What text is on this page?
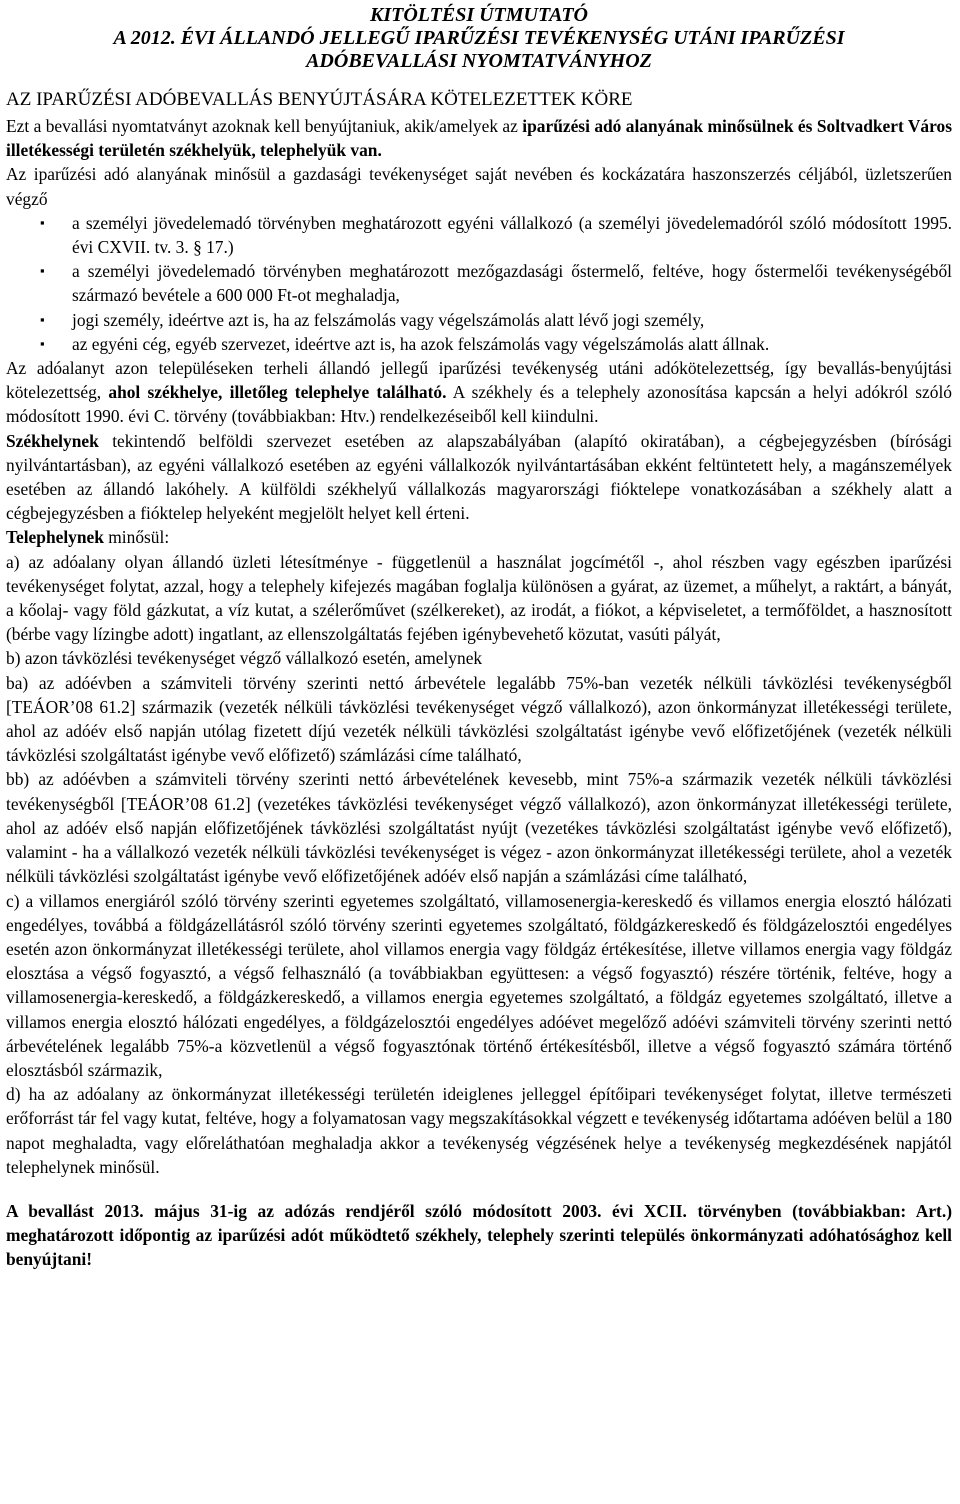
KITÖLTÉSI ÚTMUTATÓ
A 2012. ÉVI ÁLLANDÓ JELLEGŰ IPARŰZÉSI TEVÉKENYSÉG UTÁNI IPARŰZÉSI
ADÓBEVALLÁSI NYOMTATVÁNYHOZ
AZ IPARŰZÉSI ADÓBEVALLÁS BENYÚJTÁSÁRA KÖTELEZETTEK KÖRE

Ezt a bevallási nyomtatványt azoknak kell benyújtaniuk, akik/amelyek az iparűzési adó alanyának minősülnek és Soltvadkert Város illetékességi területén székhelyük, telephelyük van.

Az iparűzési adó alanyának minősül a gazdasági tevékenységet saját nevében és kockázatára haszonszerzés céljából, üzletszerűen végző

▪ a személyi jövedelemadó törvényben meghatározott egyéni vállalkozó (a személyi jövedelemadóról szóló módosított 1995. évi CXVII. tv. 3. § 17.)
▪ a személyi jövedelemadó törvényben meghatározott mezőgazdasági őstermelő, feltéve, hogy őstermelői tevékenységéből származó bevétele a 600 000 Ft-ot meghaladja,
▪ jogi személy, ideértve azt is, ha az felszámolás vagy végelszámolás alatt lévő jogi személy,
▪ az egyéni cég, egyéb szervezet, ideértve azt is, ha azok felszámolás vagy végelszámolás alatt állnak.

Az adóalanyt azon településeken terheli állandó jellegű iparűzési tevékenység utáni adókötelezettség, így bevallás-benyújtási kötelezettség, ahol székhelye, illetőleg telephelye található. A székhely és a telephely azonosítása kapcsán a helyi adókról szóló módosított 1990. évi C. törvény (továbbiakban: Htv.) rendelkezéseiből kell kiindulni.

Székhelynek tekintendő belföldi szervezet esetében az alapszabályában (alapító okiratában), a cégbejegyzésben (bírósági nyilvántartásban), az egyéni vállalkozó esetében az egyéni vállalkozók nyilvántartásában ekként feltüntetett hely, a magánszemélyek esetében az állandó lakóhely. A külföldi székhelyű vállalkozás magyarországi fióktelepe vonatkozásában a székhely alatt a cégbejegyzésben a fióktelep helyeként megjelölt helyet kell érteni.

Telephelynek minősül:

a) az adóalany olyan állandó üzleti létesítménye - függetlenül a használat jogcímétől -, ahol részben vagy egészben iparűzési tevékenységet folytat, azzal, hogy a telephely kifejezés magában foglalja különösen a gyárat, az üzemet, a műhelyt, a raktárt, a bányát, a kőolaj- vagy föld gázkutat, a víz kutat, a szélerőművet (szélkereket), az irodát, a fiókot, a képviseletet, a termőföldet, a hasznosított (bérbe vagy lízingbe adott) ingatlant, az ellenszolgáltatás fejében igénybevehető közutat, vasúti pályát,

b) azon távközlési tevékenységet végző vállalkozó esetén, amelynek

ba) az adóévben a számviteli törvény szerinti nettó árbevétele legalább 75%-ban vezeték nélküli távközlési tevékenységből [TEÁOR’08 61.2] származik (vezeték nélküli távközlési tevékenységet végző vállalkozó), azon önkormányzat illetékességi területe, ahol az adóév első napján utólag fizetett díjú vezeték nélküli távközlési szolgáltatást igénybe vevő előfizetőjének (vezeték nélküli távközlési szolgáltatást igénybe vevő előfizető) számlázási címe található,

bb) az adóévben a számviteli törvény szerinti nettó árbevételének kevesebb, mint 75%-a származik vezeték nélküli távközlési tevékenységből [TEÁOR’08 61.2] (vezetékes távközlési tevékenységet végző vállalkozó), azon önkormányzat illetékességi területe, ahol az adóév első napján előfizetőjének távközlési szolgáltatást nyújt (vezetékes távközlési szolgáltatást igénybe vevő előfizető), valamint - ha a vállalkozó vezeték nélküli távközlési tevékenységet is végez - azon önkormányzat illetékességi területe, ahol a vezeték nélküli távközlési szolgáltatást igénybe vevő előfizetőjének adóév első napján a számlázási címe található,

c) a villamos energiáról szóló törvény szerinti egyetemes szolgáltató, villamosenergia-kereskedő és villamos energia elosztó hálózati engedélyes, továbbá a földgázellátásról szóló törvény szerinti egyetemes szolgáltató, földgázkereskedő és földgázelosztói engedélyes esetén azon önkormányzat illetékességi területe, ahol villamos energia vagy földgáz értékesítése, illetve villamos energia vagy földgáz elosztása a végső fogyasztó, a végső felhasználó (a továbbiakban együttesen: a végső fogyasztó) részére történik, feltéve, hogy a villamosenergia-kereskedő, a földgázkereskedő, a villamos energia egyetemes szolgáltató, a földgáz egyetemes szolgáltató, illetve a villamos energia elosztó hálózati engedélyes, a földgázelosztói engedélyes adóévet megelőző adóévi számviteli törvény szerinti nettó árbevételének legalább 75%-a közvetlenül a végső fogyasztónak történő értékesítésből, illetve a végső fogyasztó számára történő elosztásból származik,

d) ha az adóalany az önkormányzat illetékességi területén ideiglenes jelleggel építőipari tevékenységet folytat, illetve természeti erőforrást tár fel vagy kutat, feltéve, hogy a folyamatosan vagy megszakításokkal végzett e tevékenység időtartama adóéven belül a 180 napot meghaladta, vagy előreláthatóan meghaladja akkor a tevékenység végzésének helye a tevékenység megkezdésének napjától telephelynek minősül.

A bevallást 2013. május 31-ig az adózás rendjéről szóló módosított 2003. évi XCII. törvényben (továbbiakban: Art.) meghatározott időpontig az iparűzési adót működtető székhely, telephely szerinti település önkormányzati adóhatósághoz kell benyújtani!
